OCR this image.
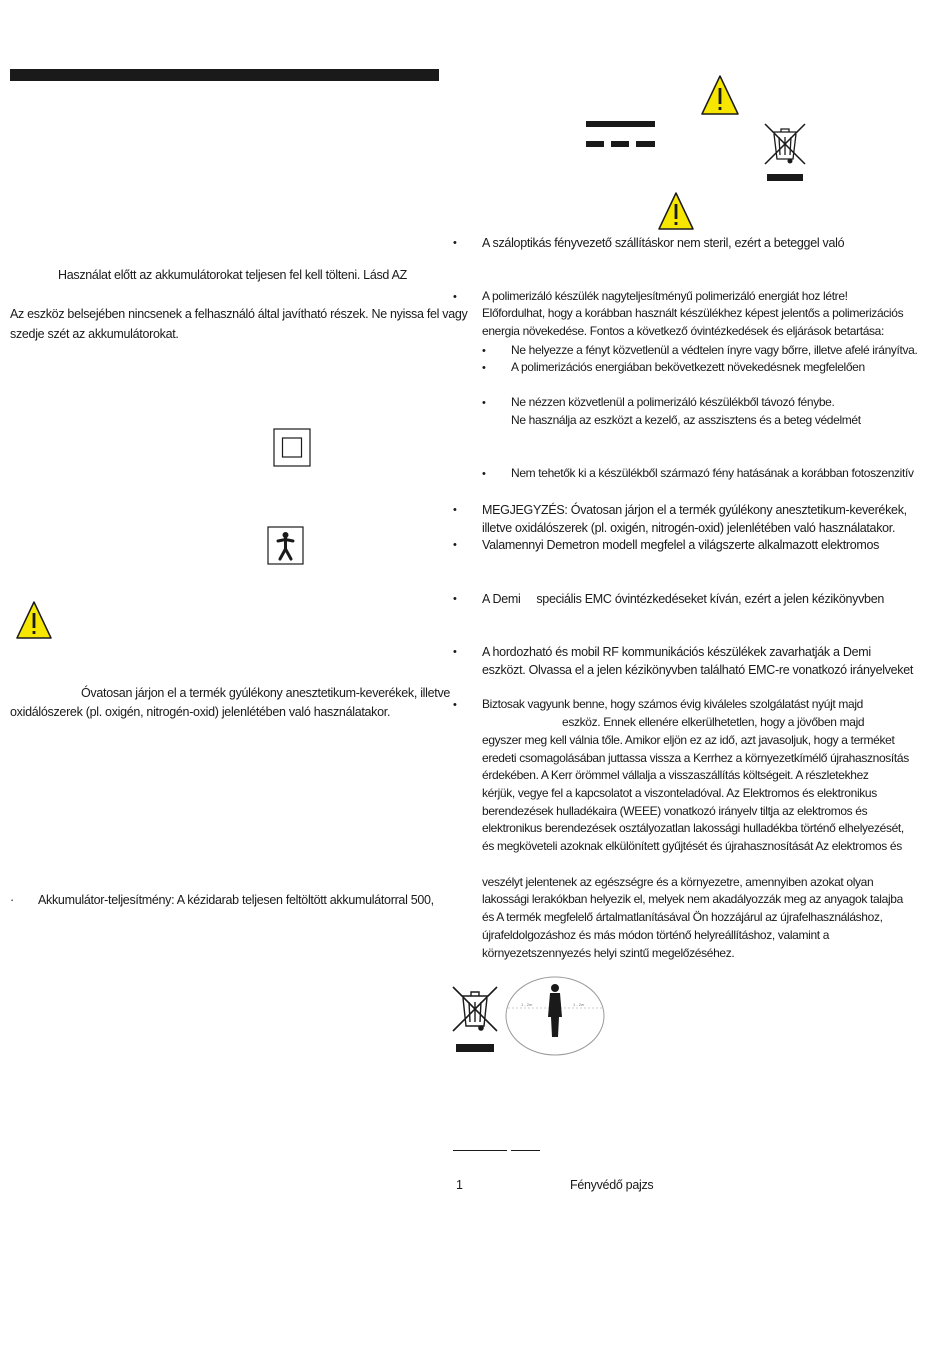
Használat előtt az akkumulátorokat teljesen fel kell tölteni. Lásd AZ
Az eszköz belsejében nincsenek a felhasználó által javítható részek. Ne nyissa fel vagy
szedje szét az akkumulátorokat.
Óvatosan járjon el a termék gyúlékony anesztetikum-keverékek, illetve
oxidálószerek (pl. oxigén, nitrogén-oxid) jelenlétében való használatakor.
· Akkumulátor-teljesítmény: A kézidarab teljesen feltöltött akkumulátorral 500,
• A száloptikás fényvezető szállításkor nem steril, ezért a beteggel való
• A polimerizáló készülék nagyteljesítményű polimerizáló energiát hoz létre!
Előfordulhat, hogy a korábban használt készülékhez képest jelentős a polimerizációs
energia növekedése. Fontos a következő óvintézkedések és eljárások betartása:
• Ne helyezze a fényt közvetlenül a védtelen ínyre vagy bőrre, illetve afelé irányítva.
• A polimerizációs energiában bekövetkezett növekedésnek megfelelően
• Ne nézzen közvetlenül a polimerizáló készülékből távozó fénybe.
Ne használja az eszközt a kezelő, az asszisztens és a beteg védelmét
• Nem tehetők ki a készülékből származó fény hatásának a korábban fotoszenzitív
• MEGJEGYZÉS: Óvatosan járjon el a termék gyúlékony anesztetikum-keverékek,
illetve oxidálószerek (pl. oxigén, nitrogén-oxid) jelenlétében való használatakor.
• Valamennyi Demetron modell megfelel a világszerte alkalmazott elektromos
• A Demi     speciális EMC óvintézkedéseket kíván, ezért a jelen kézikönyvben
• A hordozható és mobil RF kommunikációs készülékek zavarhatják a Demi
eszközt. Olvassa el a jelen kézikönyvben található EMC-re vonatkozó irányelveket
• Biztosak vagyunk benne, hogy számos évig kiváleles szolgálatást nyújt majd
eszköz. Ennek ellenére elkerülhetetlen, hogy a jövőben majd
egyszer meg kell válnia tőle. Amikor eljön ez az idő, azt javasoljuk, hogy a terméket
eredeti csomagolásában juttassa vissza a Kerrhez a környezetkímélő újrahasznosítás
érdekében. A Kerr örömmel vállalja a visszaszállítás költségeit. A részletekhez
kérjük, vegye fel a kapcsolatot a viszonteladóval. Az Elektromos és elektronikus
berendezések hulladékaira (WEEE) vonatkozó irányelv tiltja az elektromos és
elektronikus berendezések osztályozatlan lakossági hulladékba történő elhelyezését,
és megköveteli azoknak elkülönített gyűjtését és újrahasznosítását Az elektromos és
veszélyt jelentenek az egészségre és a környezetre, amennyiben azokat olyan
lakossági lerakókban helyezik el, melyek nem akadályozzák meg az anyagok talajba
és A termék megfelelő ártalmatlanításával Ön hozzájárul az újrafelhasználáshoz,
újrafeldolgozáshoz és más módon történő helyreállításhoz, valamint a
környezetszennyezés helyi szintű megelőzéséhez.
1 - 2m	1 - 2m
1	Fényvédő pajzs
